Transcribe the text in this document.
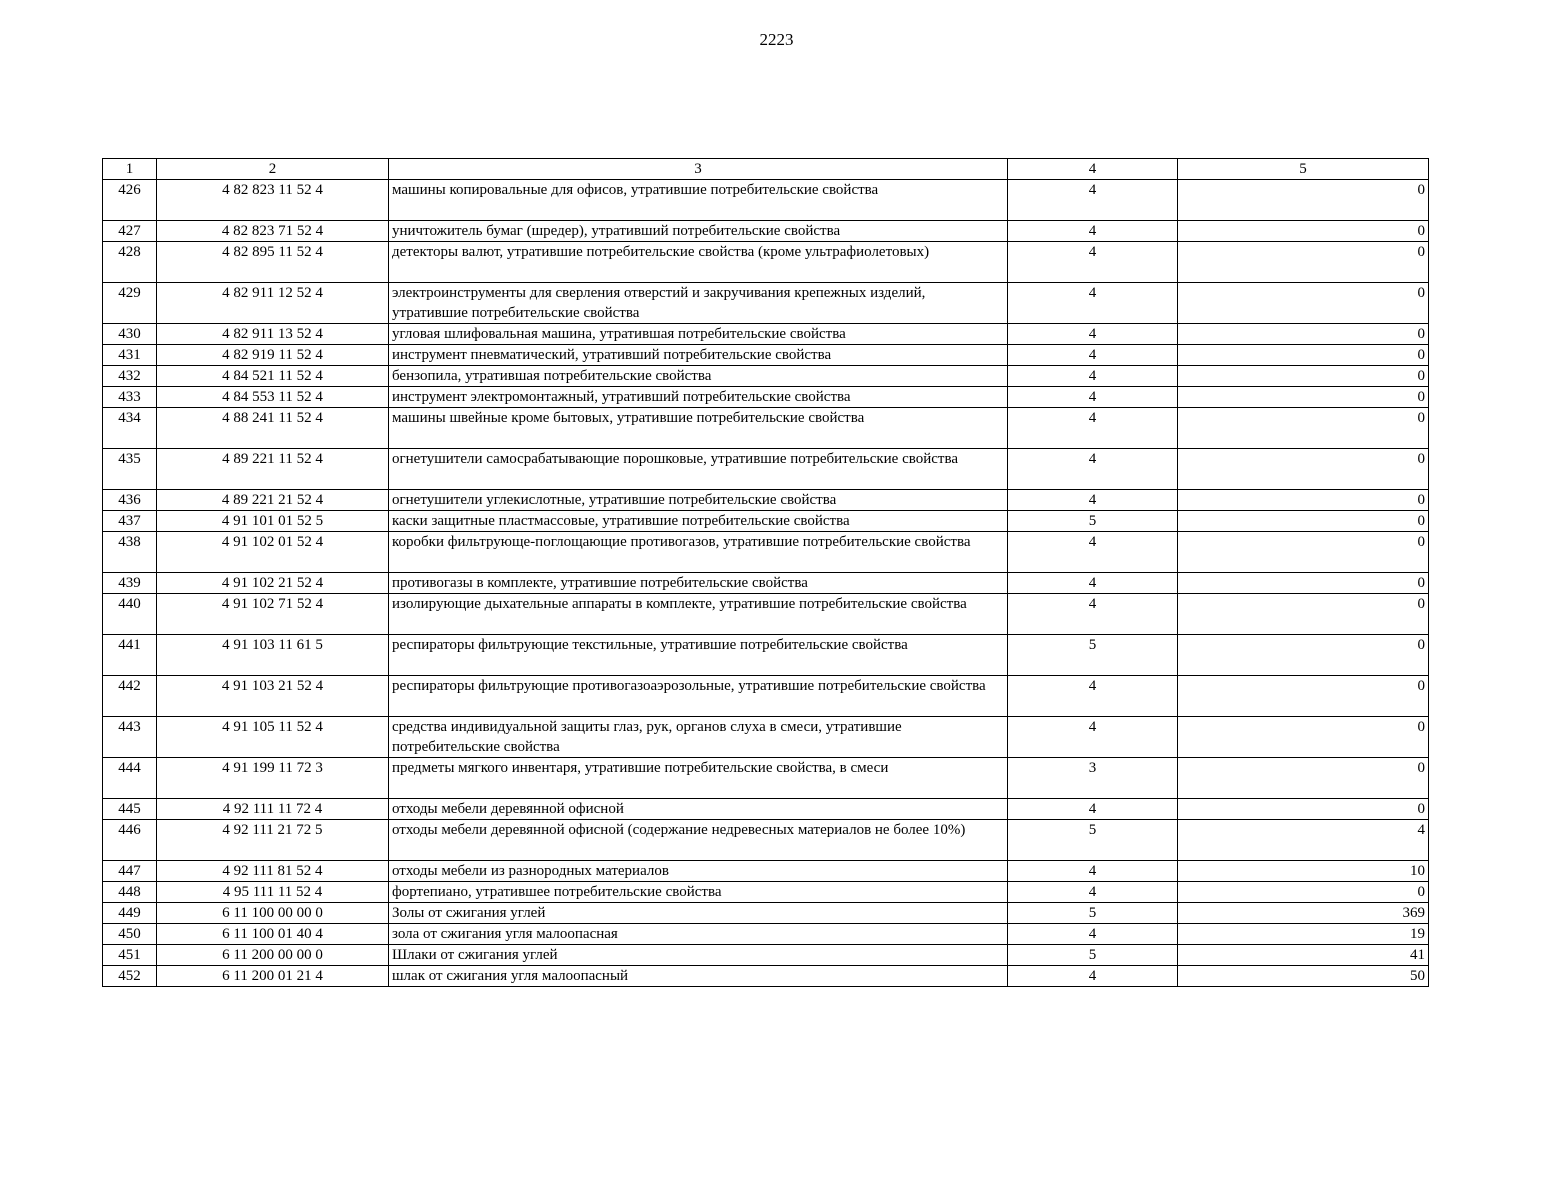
2223
1	2	3	4	5
426	4 82 823 11 52 4	машины копировальные для офисов, утратившие потребительские свойства	4	0
427	4 82 823 71 52 4	уничтожитель бумаг (шредер), утративший потребительские свойства	4	0
428	4 82 895 11 52 4	детекторы валют, утратившие потребительские свойства (кроме ультрафиолетовых)	4	0
429	4 82 911 12 52 4	электроинструменты для сверления отверстий и закручивания крепежных изделий, утратившие потребительские свойства	4	0
430	4 82 911 13 52 4	угловая шлифовальная машина, утратившая потребительские свойства	4	0
431	4 82 919 11 52 4	инструмент пневматический, утративший потребительские свойства	4	0
432	4 84 521 11 52 4	бензопила, утратившая потребительские свойства	4	0
433	4 84 553 11 52 4	инструмент электромонтажный, утративший потребительские свойства	4	0
434	4 88 241 11 52 4	машины швейные кроме бытовых, утратившие потребительские свойства	4	0
435	4 89 221 11 52 4	огнетушители самосрабатывающие порошковые, утратившие потребительские свойства	4	0
436	4 89 221 21 52 4	огнетушители углекислотные, утратившие потребительские свойства	4	0
437	4 91 101 01 52 5	каски защитные пластмассовые, утратившие потребительские свойства	5	0
438	4 91 102 01 52 4	коробки фильтрующе-поглощающие противогазов, утратившие потребительские свойства	4	0
439	4 91 102 21 52 4	противогазы в комплекте, утратившие потребительские свойства	4	0
440	4 91 102 71 52 4	изолирующие дыхательные аппараты в комплекте, утратившие потребительские свойства	4	0
441	4 91 103 11 61 5	респираторы фильтрующие текстильные, утратившие потребительские свойства	5	0
442	4 91 103 21 52 4	респираторы фильтрующие противогазоаэрозольные, утратившие потребительские свойства	4	0
443	4 91 105 11 52 4	средства индивидуальной защиты глаз, рук, органов слуха в смеси, утратившие потребительские свойства	4	0
444	4 91 199 11 72 3	предметы мягкого инвентаря, утратившие потребительские свойства, в смеси	3	0
445	4 92 111 11 72 4	отходы мебели деревянной офисной	4	0
446	4 92 111 21 72 5	отходы мебели деревянной офисной (содержание недревесных материалов не более 10%)	5	4
447	4 92 111 81 52 4	отходы мебели из разнородных материалов	4	10
448	4 95 111 11 52 4	фортепиано, утратившее потребительские свойства	4	0
449	6 11 100 00 00 0	Золы от сжигания углей	5	369
450	6 11 100 01 40 4	зола от сжигания угля малоопасная	4	19
451	6 11 200 00 00 0	Шлаки от сжигания углей	5	41
452	6 11 200 01 21 4	шлак от сжигания угля малоопасный	4	50
